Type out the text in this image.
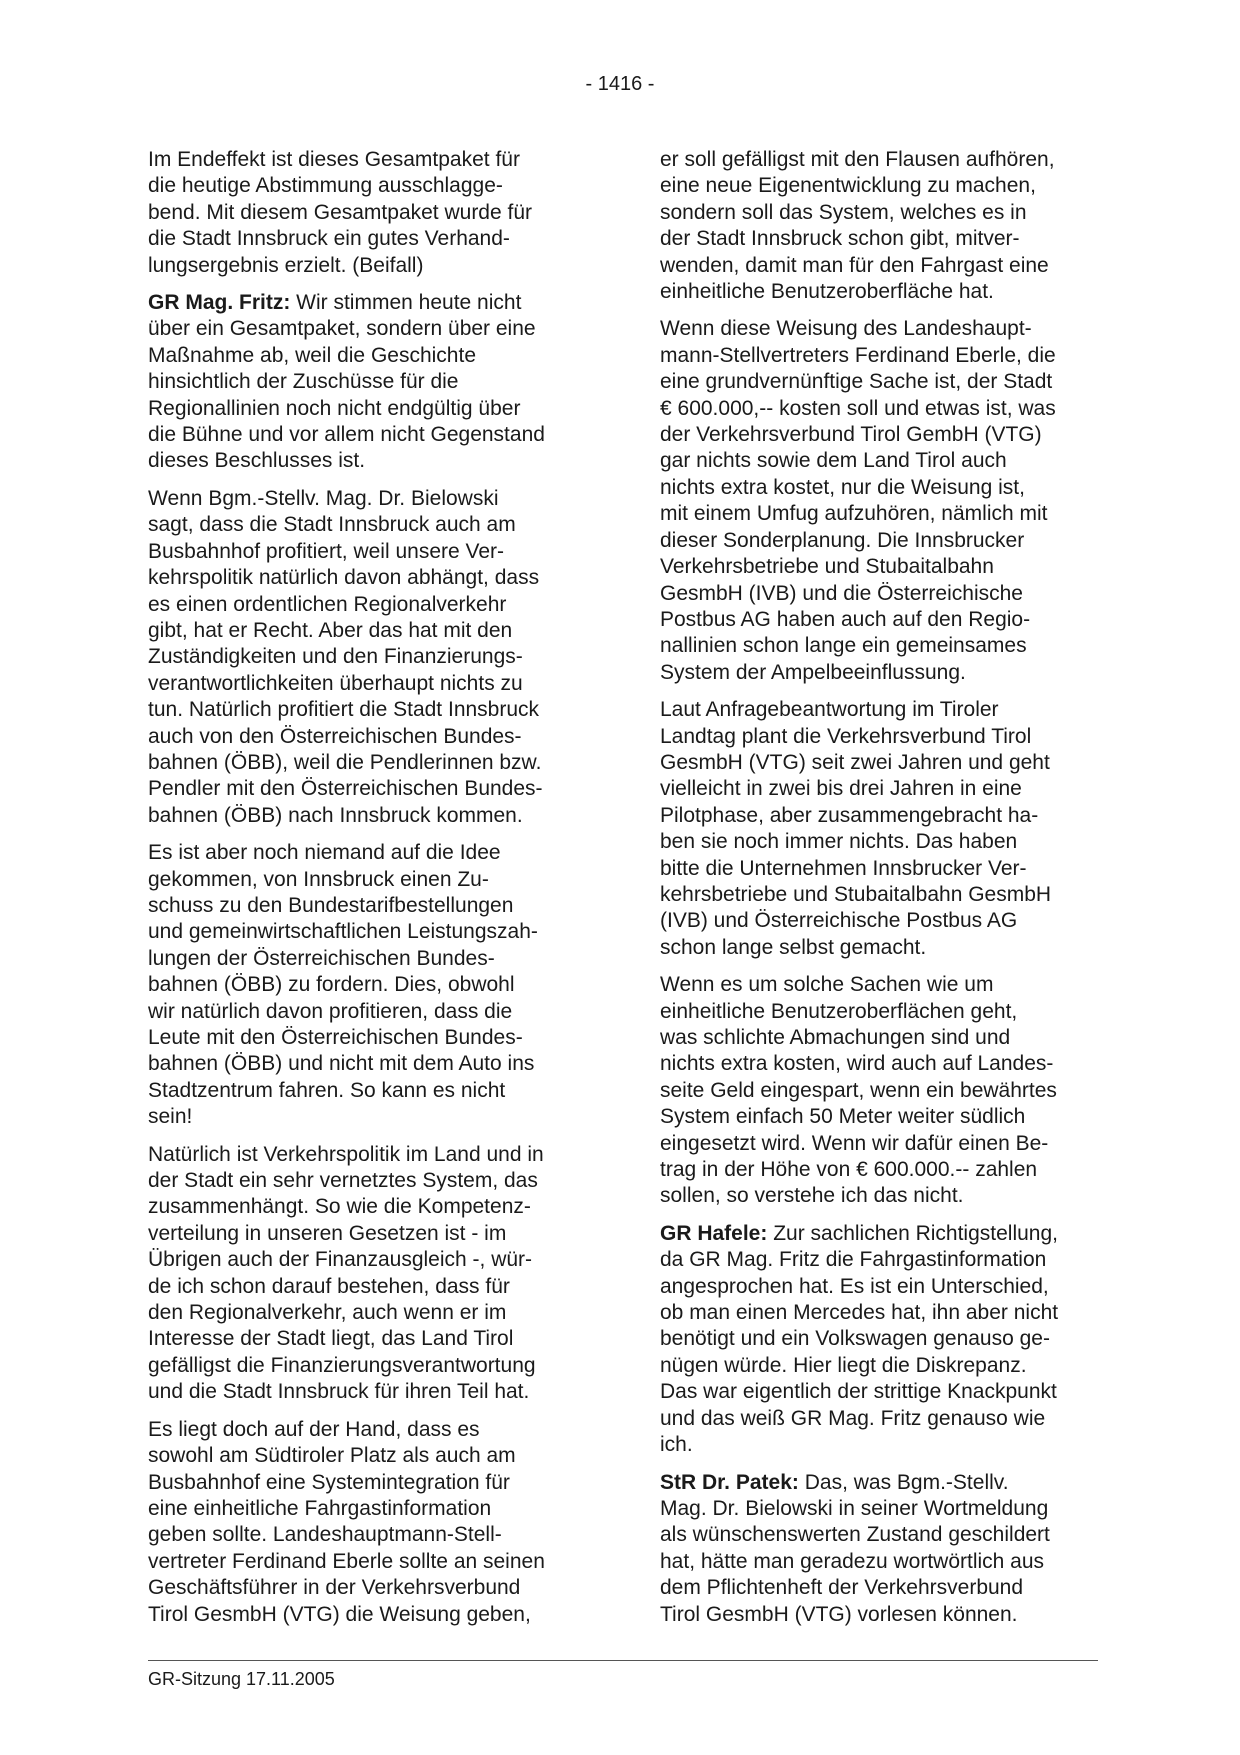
- 1416 -

Im Endeffekt ist dieses Gesamtpaket für
die heutige Abstimmung ausschlagge-
bend. Mit diesem Gesamtpaket wurde für
die Stadt Innsbruck ein gutes Verhand-
lungsergebnis erzielt. (Beifall)

GR Mag. Fritz: Wir stimmen heute nicht
über ein Gesamtpaket, sondern über eine
Maßnahme ab, weil die Geschichte
hinsichtlich der Zuschüsse für die
Regionallinien noch nicht endgültig über
die Bühne und vor allem nicht Gegenstand
dieses Beschlusses ist.

Wenn Bgm.-Stellv. Mag. Dr. Bielowski
sagt, dass die Stadt Innsbruck auch am
Busbahnhof profitiert, weil unsere Ver-
kehrspolitik natürlich davon abhängt, dass
es einen ordentlichen Regionalverkehr
gibt, hat er Recht. Aber das hat mit den
Zuständigkeiten und den Finanzierungs-
verantwortlichkeiten überhaupt nichts zu
tun. Natürlich profitiert die Stadt Innsbruck
auch von den Österreichischen Bundes-
bahnen (ÖBB), weil die Pendlerinnen bzw.
Pendler mit den Österreichischen Bundes-
bahnen (ÖBB) nach Innsbruck kommen.

Es ist aber noch niemand auf die Idee
gekommen, von Innsbruck einen Zu-
schuss zu den Bundestarifbestellungen
und gemeinwirtschaftlichen Leistungszah-
lungen der Österreichischen Bundes-
bahnen (ÖBB) zu fordern. Dies, obwohl
wir natürlich davon profitieren, dass die
Leute mit den Österreichischen Bundes-
bahnen (ÖBB) und nicht mit dem Auto ins
Stadtzentrum fahren. So kann es nicht
sein!

Natürlich ist Verkehrspolitik im Land und in
der Stadt ein sehr vernetztes System, das
zusammenhängt. So wie die Kompetenz-
verteilung in unseren Gesetzen ist - im
Übrigen auch der Finanzausgleich -, wür-
de ich schon darauf bestehen, dass für
den Regionalverkehr, auch wenn er im
Interesse der Stadt liegt, das Land Tirol
gefälligst die Finanzierungsverantwortung
und die Stadt Innsbruck für ihren Teil hat.

Es liegt doch auf der Hand, dass es
sowohl am Südtiroler Platz als auch am
Busbahnhof eine Systemintegration für
eine einheitliche Fahrgastinformation
geben sollte. Landeshauptmann-Stell-
vertreter Ferdinand Eberle sollte an seinen
Geschäftsführer in der Verkehrsverbund
Tirol GesmbH (VTG) die Weisung geben,

er soll gefälligst mit den Flausen aufhören,
eine neue Eigenentwicklung zu machen,
sondern soll das System, welches es in
der Stadt Innsbruck schon gibt, mitver-
wenden, damit man für den Fahrgast eine
einheitliche Benutzeroberfläche hat.

Wenn diese Weisung des Landeshaupt-
mann-Stellvertreters Ferdinand Eberle, die
eine grundvernünftige Sache ist, der Stadt
€ 600.000,-- kosten soll und etwas ist, was
der Verkehrsverbund Tirol GembH (VTG)
gar nichts sowie dem Land Tirol auch
nichts extra kostet, nur die Weisung ist,
mit einem Umfug aufzuhören, nämlich mit
dieser Sonderplanung. Die Innsbrucker
Verkehrsbetriebe und Stubaitalbahn
GesmbH (IVB) und die Österreichische
Postbus AG haben auch auf den Regio-
nallinien schon lange ein gemeinsames
System der Ampelbeeinflussung.

Laut Anfragebeantwortung im Tiroler
Landtag plant die Verkehrsverbund Tirol
GesmbH (VTG) seit zwei Jahren und geht
vielleicht in zwei bis drei Jahren in eine
Pilotphase, aber zusammengebracht ha-
ben sie noch immer nichts. Das haben
bitte die Unternehmen Innsbrucker Ver-
kehrsbetriebe und Stubaitalbahn GesmbH
(IVB) und Österreichische Postbus AG
schon lange selbst gemacht.

Wenn es um solche Sachen wie um
einheitliche Benutzeroberflächen geht,
was schlichte Abmachungen sind und
nichts extra kosten, wird auch auf Landes-
seite Geld eingespart, wenn ein bewährtes
System einfach 50 Meter weiter südlich
eingesetzt wird. Wenn wir dafür einen Be-
trag in der Höhe von € 600.000.-- zahlen
sollen, so verstehe ich das nicht.

GR Hafele: Zur sachlichen Richtigstellung,
da GR Mag. Fritz die Fahrgastinformation
angesprochen hat. Es ist ein Unterschied,
ob man einen Mercedes hat, ihn aber nicht
benötigt und ein Volkswagen genauso ge-
nügen würde. Hier liegt die Diskrepanz.
Das war eigentlich der strittige Knackpunkt
und das weiß GR Mag. Fritz genauso wie
ich.

StR Dr. Patek: Das, was Bgm.-Stellv.
Mag. Dr. Bielowski in seiner Wortmeldung
als wünschenswerten Zustand geschildert
hat, hätte man geradezu wortwörtlich aus
dem Pflichtenheft der Verkehrsverbund
Tirol GesmbH (VTG) vorlesen können.

GR-Sitzung 17.11.2005
